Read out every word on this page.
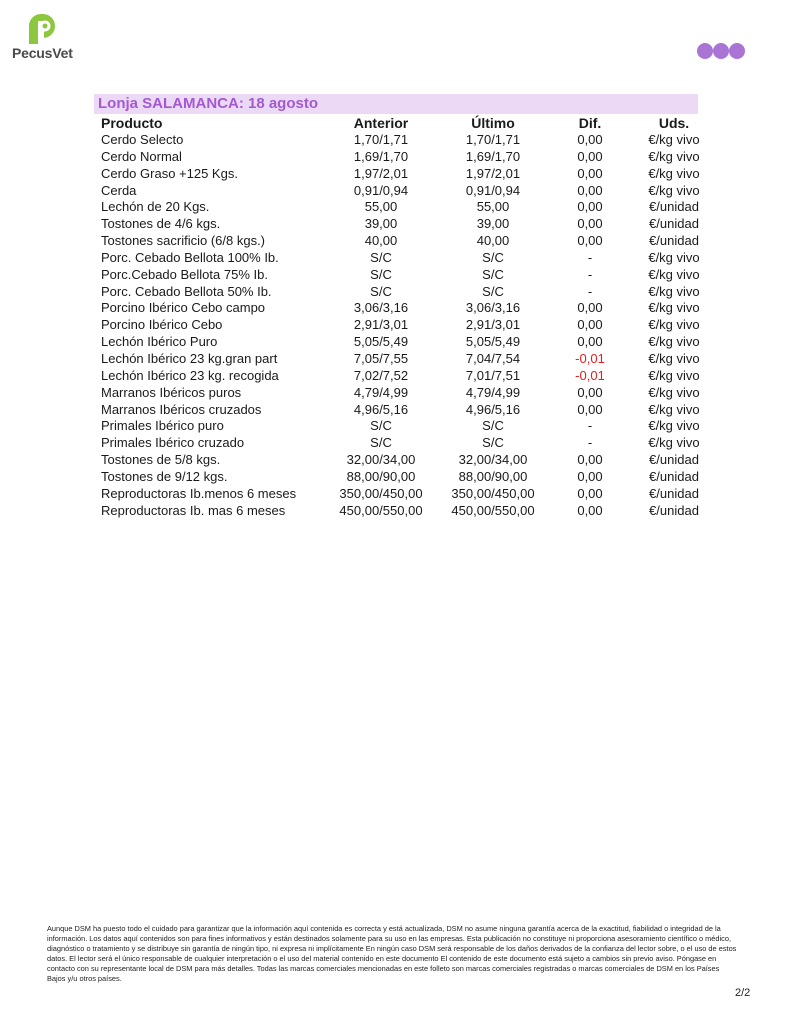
PecusVet
Lonja SALAMANCA: 18 agosto
Producto	Anterior	Último	Dif.	Uds.
Cerdo Selecto	1,70/1,71	1,70/1,71	0,00	€/kg vivo
Cerdo Normal	1,69/1,70	1,69/1,70	0,00	€/kg vivo
Cerdo Graso +125 Kgs.	1,97/2,01	1,97/2,01	0,00	€/kg vivo
Cerda	0,91/0,94	0,91/0,94	0,00	€/kg vivo
Lechón de 20 Kgs.	55,00	55,00	0,00	€/unidad
Tostones de 4/6 kgs.	39,00	39,00	0,00	€/unidad
Tostones sacrificio (6/8 kgs.)	40,00	40,00	0,00	€/unidad
Porc. Cebado Bellota 100% Ib.	S/C	S/C	-	€/kg vivo
Porc.Cebado Bellota 75% Ib.	S/C	S/C	-	€/kg vivo
Porc. Cebado Bellota 50% Ib.	S/C	S/C	-	€/kg vivo
Porcino Ibérico Cebo campo	3,06/3,16	3,06/3,16	0,00	€/kg vivo
Porcino Ibérico Cebo	2,91/3,01	2,91/3,01	0,00	€/kg vivo
Lechón Ibérico Puro	5,05/5,49	5,05/5,49	0,00	€/kg vivo
Lechón Ibérico 23 kg.gran part	7,05/7,55	7,04/7,54	-0,01	€/kg vivo
Lechón Ibérico 23 kg. recogida	7,02/7,52	7,01/7,51	-0,01	€/kg vivo
Marranos Ibéricos puros	4,79/4,99	4,79/4,99	0,00	€/kg vivo
Marranos Ibéricos cruzados	4,96/5,16	4,96/5,16	0,00	€/kg vivo
Primales Ibérico puro	S/C	S/C	-	€/kg vivo
Primales Ibérico cruzado	S/C	S/C	-	€/kg vivo
Tostones de 5/8 kgs.	32,00/34,00	32,00/34,00	0,00	€/unidad
Tostones de 9/12 kgs.	88,00/90,00	88,00/90,00	0,00	€/unidad
Reproductoras Ib.menos 6 meses	350,00/450,00	350,00/450,00	0,00	€/unidad
Reproductoras Ib. mas 6 meses	450,00/550,00	450,00/550,00	0,00	€/unidad
Aunque DSM ha puesto todo el cuidado para garantizar que la información aquí contenida es correcta y está actualizada, DSM no asume ninguna garantía acerca de la exactitud, fiabilidad o integridad de la información. Los datos aquí contenidos son para fines informativos y están destinados solamente para su uso en las empresas. Esta publicación no constituye ni proporciona asesoramiento científico o médico, diagnóstico o tratamiento y se distribuye sin garantía de ningún tipo, ni expresa ni implícitamente En ningún caso DSM será responsable de los daños derivados de la confianza del lector sobre, o el uso de estos datos. El lector será el único responsable de cualquier interpretación o el uso del material contenido en este documento El contenido de este documento está sujeto a cambios sin previo aviso. Póngase en contacto con su representante local de DSM para más detalles. Todas las marcas comerciales mencionadas en este folleto son marcas comerciales registradas o marcas comerciales de DSM en los Países Bajos y/u otros países.
2/2
